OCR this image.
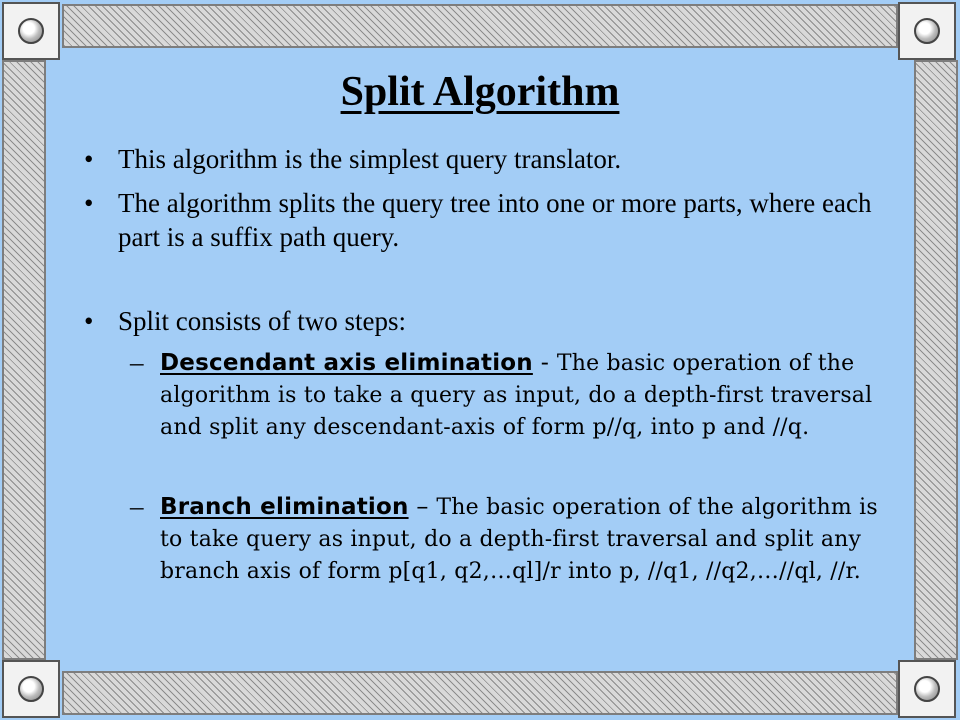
Split Algorithm
• This algorithm is the simplest query translator.
• The algorithm splits the query tree into one or more parts, where each part is a suffix path query.
• Split consists of two steps:
– Descendant axis elimination - The basic operation of the algorithm is to take a query as input, do a depth-first traversal and split any descendant-axis of form p//q, into p and //q.
– Branch elimination – The basic operation of the algorithm is to take query as input, do a depth-first traversal and split any branch axis of form p[q1, q2,…ql]/r into p, //q1, //q2,…//ql, //r.
